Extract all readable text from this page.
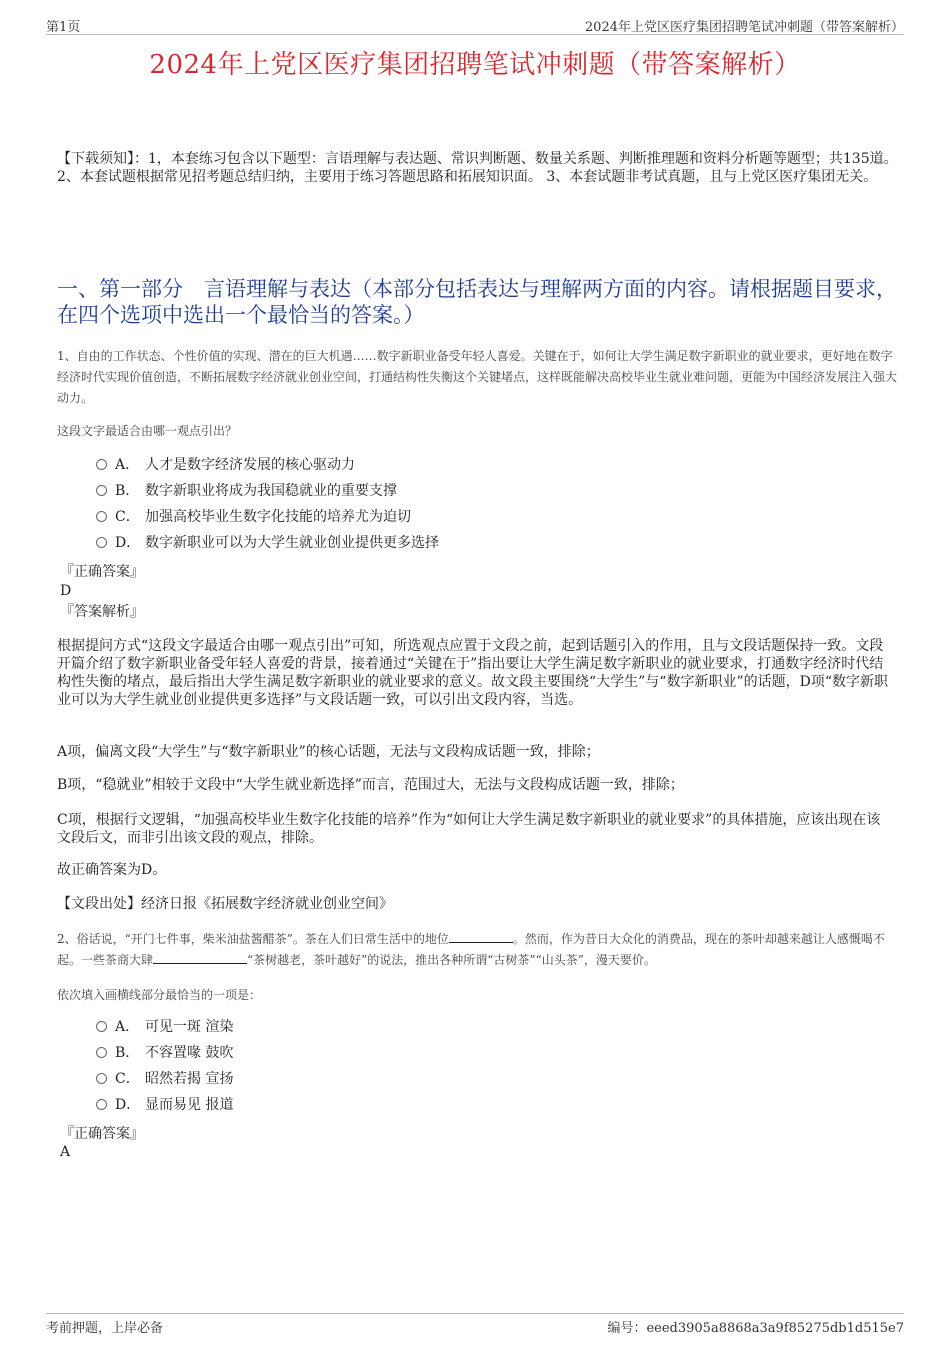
第1页	2024年上党区医疗集团招聘笔试冲刺题（带答案解析）
2024年上党区医疗集团招聘笔试冲刺题（带答案解析）
【下载须知】：1，本套练习包含以下题型：言语理解与表达题、常识判断题、数量关系题、判断推理题和资料分析题等题型；共135道。 2、本套试题根据常见招考题总结归纳，主要用于练习答题思路和拓展知识面。 3、本套试题非考试真题，且与上党区医疗集团无关。
一、第一部分　言语理解与表达（本部分包括表达与理解两方面的内容。请根据题目要求，在四个选项中选出一个最恰当的答案。）
1、自由的工作状态、个性价值的实现、潜在的巨大机遇……数字新职业备受年轻人喜爱。关键在于，如何让大学生满足数字新职业的就业要求，更好地在数字经济时代实现价值创造，不断拓展数字经济就业创业空间，打通结构性失衡这个关键堵点，这样既能解决高校毕业生就业难问题，更能为中国经济发展注入强大动力。
这段文字最适合由哪一观点引出？
A． 人才是数字经济发展的核心驱动力
B． 数字新职业将成为我国稳就业的重要支撑
C． 加强高校毕业生数字化技能的培养尤为迫切
D． 数字新职业可以为大学生就业创业提供更多选择
『正确答案』
D
『答案解析』
根据提问方式“这段文字最适合由哪一观点引出”可知，所选观点应置于文段之前，起到话题引入的作用，且与文段话题保持一致。文段开篇介绍了数字新职业备受年轻人喜爱的背景，接着通过“关键在于”指出要让大学生满足数字新职业的就业要求，打通数字经济时代结构性失衡的堵点，最后指出大学生满足数字新职业的就业要求的意义。故文段主要围绕“大学生”与“数字新职业”的话题，D项“数字新职业可以为大学生就业创业提供更多选择”与文段话题一致，可以引出文段内容，当选。
A项，偏离文段“大学生”与“数字新职业”的核心话题，无法与文段构成话题一致，排除；
B项，“稳就业”相较于文段中“大学生就业新选择”而言，范围过大，无法与文段构成话题一致，排除；
C项，根据行文逻辑，“加强高校毕业生数字化技能的培养”作为“如何让大学生满足数字新职业的就业要求”的具体措施，应该出现在该文段后文，而非引出该文段的观点，排除。
故正确答案为D。
【文段出处】经济日报《拓展数字经济就业创业空间》
2、俗话说，“开门七件事，柴米油盐酱醋茶”。茶在人们日常生活中的地位	。然而，作为昔日大众化的消费品，现在的茶叶却越来越让人感慨喝不起。一些茶商大肆	“茶树越老，茶叶越好”的说法，推出各种所谓“古树茶”“山头茶”，漫天要价。
依次填入画横线部分最恰当的一项是：
A． 可见一斑 渲染
B． 不容置喙 鼓吹
C． 昭然若揭 宣扬
D． 显而易见 报道
『正确答案』
A
考前押题，上岸必备	编号：eeed3905a8868a3a9f85275db1d515e7
